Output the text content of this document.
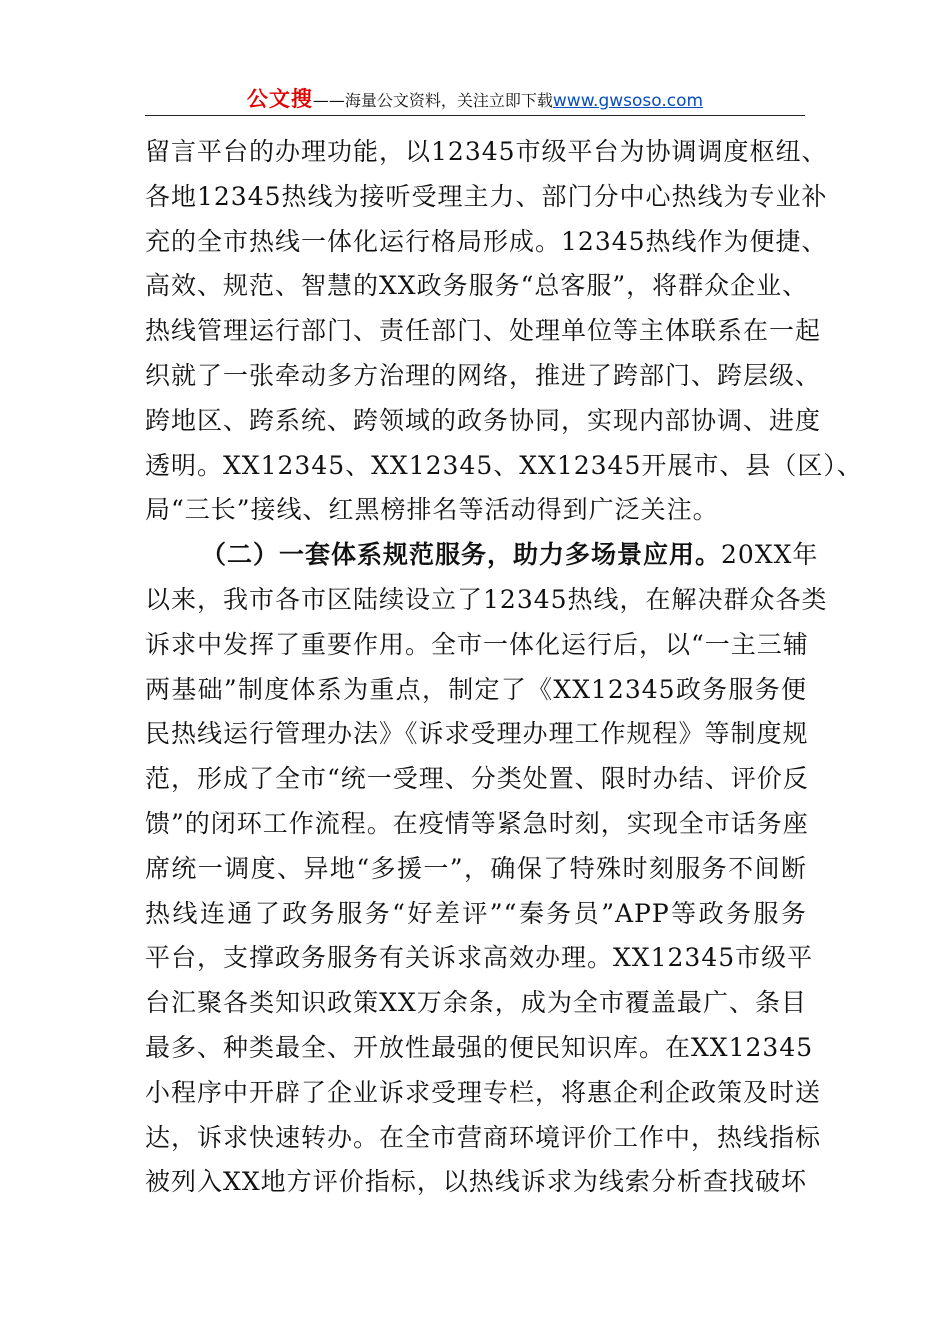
公文搜——海量公文资料，关注立即下载www.gwsoso.com
留言平台的办理功能，以12345市级平台为协调调度枢纽、
各地12345热线为接听受理主力、部门分中心热线为专业补
充的全市热线一体化运行格局形成。12345热线作为便捷、
高效、规范、智慧的XX政务服务“总客服”，将群众企业、
热线管理运行部门、责任部门、处理单位等主体联系在一起
织就了一张牵动多方治理的网络，推进了跨部门、跨层级、
跨地区、跨系统、跨领域的政务协同，实现内部协调、进度
透明。XX12345、XX12345、XX12345开展市、县（区）、
局“三长”接线、红黑榜排名等活动得到广泛关注。
（二）一套体系规范服务，助力多场景应用。20XX年
以来，我市各市区陆续设立了12345热线，在解决群众各类
诉求中发挥了重要作用。全市一体化运行后，以“一主三辅
两基础”制度体系为重点，制定了《XX12345政务服务便
民热线运行管理办法》《诉求受理办理工作规程》等制度规
范，形成了全市“统一受理、分类处置、限时办结、评价反
馈”的闭环工作流程。在疫情等紧急时刻，实现全市话务座
席统一调度、异地“多援一”，确保了特殊时刻服务不间断
热线连通了政务服务“好差评”“秦务员”APP等政务服务
平台，支撑政务服务有关诉求高效办理。XX12345市级平
台汇聚各类知识政策XX万余条，成为全市覆盖最广、条目
最多、种类最全、开放性最强的便民知识库。在XX12345
小程序中开辟了企业诉求受理专栏，将惠企利企政策及时送
达，诉求快速转办。在全市营商环境评价工作中，热线指标
被列入XX地方评价指标，以热线诉求为线索分析查找破坏
